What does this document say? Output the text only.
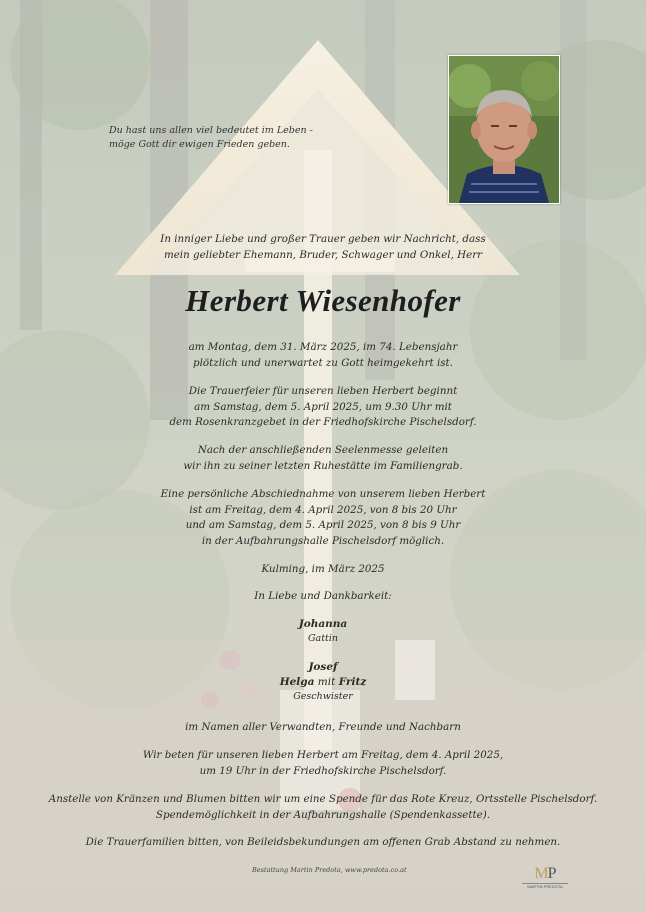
Du hast uns allen viel bedeutet im Leben -
möge Gott dir ewigen Frieden geben.
In inniger Liebe und großer Trauer geben wir Nachricht, dass
mein geliebter Ehemann, Bruder, Schwager und Onkel, Herr
Herbert Wiesenhofer
am Montag, dem 31. März 2025, im 74. Lebensjahr
plötzlich und unerwartet zu Gott heimgekehrt ist.
Die Trauerfeier für unseren lieben Herbert beginnt
am Samstag, dem 5. April 2025, um 9.30 Uhr mit
dem Rosenkranzgebet in der Friedhofskirche Pischelsdorf.
Nach der anschließenden Seelenmesse geleiten
wir ihn zu seiner letzten Ruhestätte im Familiengrab.
Eine persönliche Abschiednahme von unserem lieben Herbert
ist am Freitag, dem 4. April 2025, von 8 bis 20 Uhr
und am Samstag, dem 5. April 2025, von 8 bis 9 Uhr
in der Aufbahrungshalle Pischelsdorf möglich.
Kulming, im März 2025
In Liebe und Dankbarkeit:
Johanna
Gattin
Josef
Helga mit Fritz
Geschwister
im Namen aller Verwandten, Freunde und Nachbarn
Wir beten für unseren lieben Herbert am Freitag, dem 4. April 2025,
um 19 Uhr in der Friedhofskirche Pischelsdorf.
Anstelle von Kränzen und Blumen bitten wir um eine Spende für das Rote Kreuz, Ortsstelle Pischelsdorf.
Spendemöglichkeit in der Aufbahrungshalle (Spendenkassette).
Die Trauerfamilien bitten, von Beileidsbekundungen am offenen Grab Abstand zu nehmen.
Bestattung Martin Predota, www.predota.co.at	MP
MARTIN PREDOTA
